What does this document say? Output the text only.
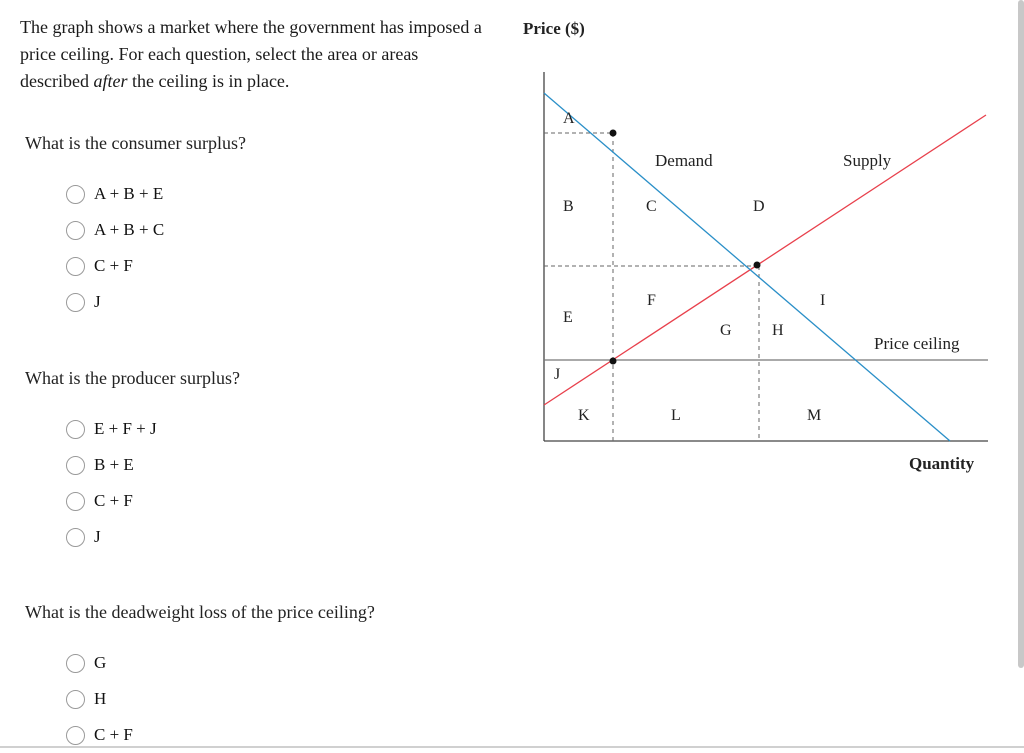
The graph shows a market where the government has imposed a price ceiling. For each question, select the area or areas described after the ceiling is in place.
What is the consumer surplus?
A + B + E
A + B + C
C + F
J
What is the producer surplus?
E + F + J
B + E
C + F
J
What is the deadweight loss of the price ceiling?
G
H
C + F
Price ($)
Quantity
Demand	Supply
Price ceiling
A
B	C	D
E
F
G	H
I
J
K	L	M
